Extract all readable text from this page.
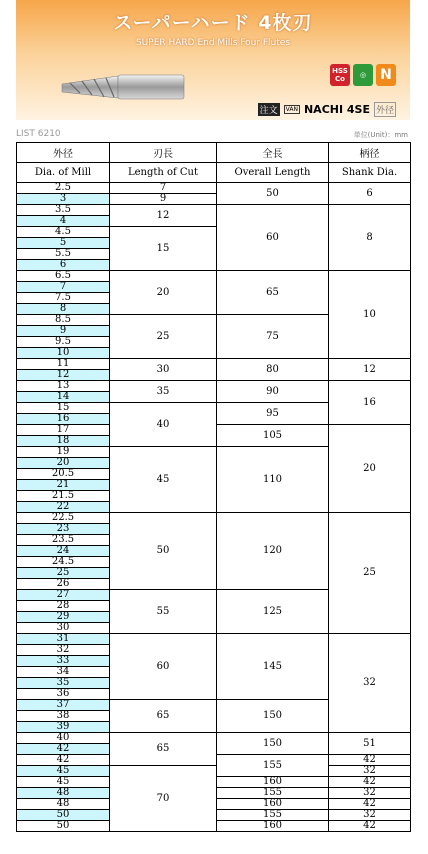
スーパーハード 4枚刃
SUPER HARD End Mills Four Flutes
HSS Co	◎	N
注文	VAN NACHI 4SE 外径
LIST 6210	単位(Unit)：mm
外径	刃長	全長	柄径
Dia. of Mill	Length of Cut	Overall Length	Shank Dia.
2.5	7	50	6
3	9		
3.5	12	60	8
4			
4.5	15		
5			
5.5			
6			
6.5	20	65	10
7			
7.5			
8			
8.5	25	75	
9			
9.5			
10			
11	30	80	12
12			
13	35	90	16
14			
15	40	95	
16			
17		105	20
18			
19	45	110	
20			
20.5			
21			
21.5			
22			
22.5	50	120	25
23			
23.5			
24			
24.5			
25			
26			
27	55	125	
28			
29			
30			
31	60	145	32
32			
33			
34			
35			
36			
37	65	150	
38			
39			
40	65	150	51
42			
42		155	42
45	70		32
45		160	42
48		155	32
48		160	42
50		155	32
50		160	42
